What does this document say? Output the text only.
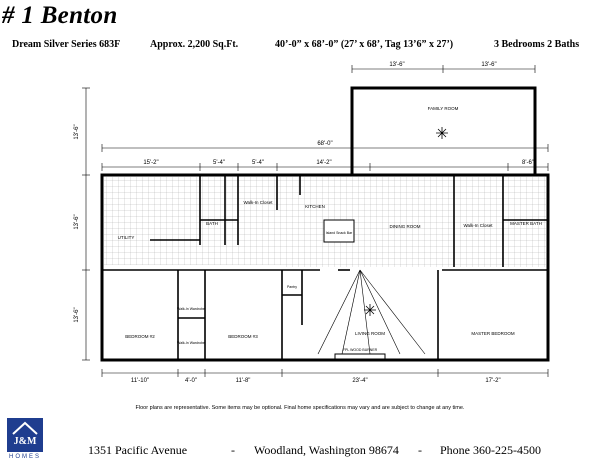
# 1 Benton
Dream Silver Series 683F	Approx. 2,200 Sq.Ft.	40’-0” x 68’-0” (27’ x 68’, Tag 13’6” x 27’)	3 Bedrooms 2 Baths
13'-6"	13'-6"
68'-0"
15'-2"	5'-4"	5'-4"	14'-2"	8'-6"
13'-6"
13'-6"
13'-6"
11'-10"	4'-0"	11'-8"	23'-4"	17'-2"
FAMILY ROOM
KITCHEN
DINING ROOM
UTILITY
BATH
Walk-In Closet
Walk-In Closet	MASTER BATH
BEDROOM #2	BEDROOM #3
LIVING ROOM	MASTER BEDROOM
Island Snack Bar
Pantry
FPL WOOD BURNER
Walk-In Wardrobe
Walk-In Wardrobe
Floor plans are representative. Some items may be optional. Final home specifications may vary and are subject to change at any time.
J&M
HOMES	1351 Pacific Avenue	- Woodland, Washington 98674 - Phone 360-225-4500
